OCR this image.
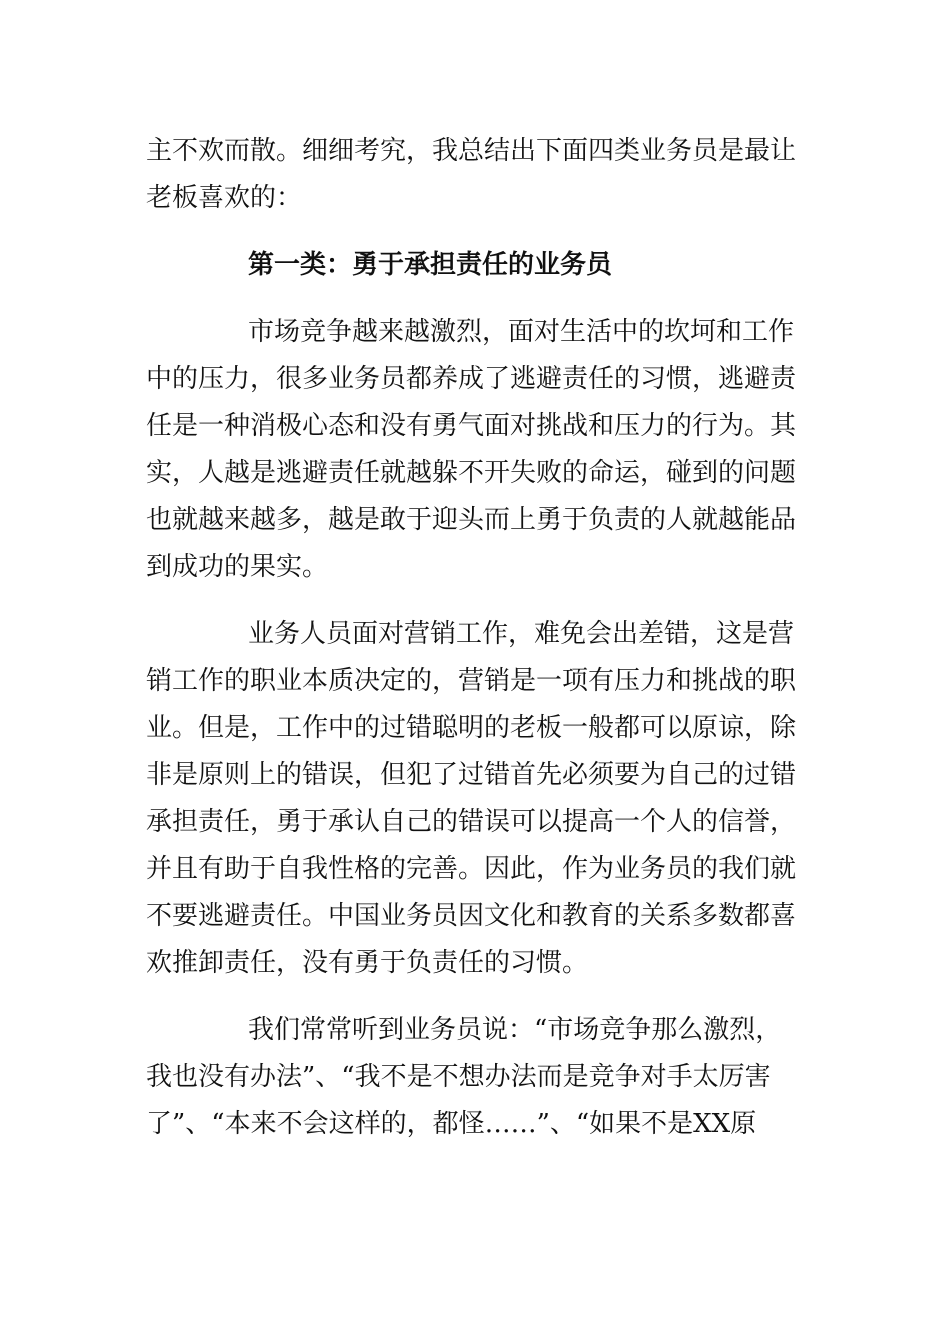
主不欢而散。细细考究，我总结出下面四类业务员是最让
老板喜欢的：

第一类：勇于承担责任的业务员

市场竞争越来越激烈，面对生活中的坎坷和工作
中的压力，很多业务员都养成了逃避责任的习惯，逃避责
任是一种消极心态和没有勇气面对挑战和压力的行为。其
实，人越是逃避责任就越躲不开失败的命运，碰到的问题
也就越来越多，越是敢于迎头而上勇于负责的人就越能品
到成功的果实。
业务人员面对营销工作，难免会出差错，这是营
销工作的职业本质决定的，营销是一项有压力和挑战的职
业。但是，工作中的过错聪明的老板一般都可以原谅，除
非是原则上的错误，但犯了过错首先必须要为自己的过错
承担责任，勇于承认自己的错误可以提高一个人的信誉，
并且有助于自我性格的完善。因此，作为业务员的我们就
不要逃避责任。中国业务员因文化和教育的关系多数都喜
欢推卸责任，没有勇于负责任的习惯。
我们常常听到业务员说：“市场竞争那么激烈，
我也没有办法”、“我不是不想办法而是竞争对手太厉害
了”、“本来不会这样的，都怪……”、“如果不是XX原
